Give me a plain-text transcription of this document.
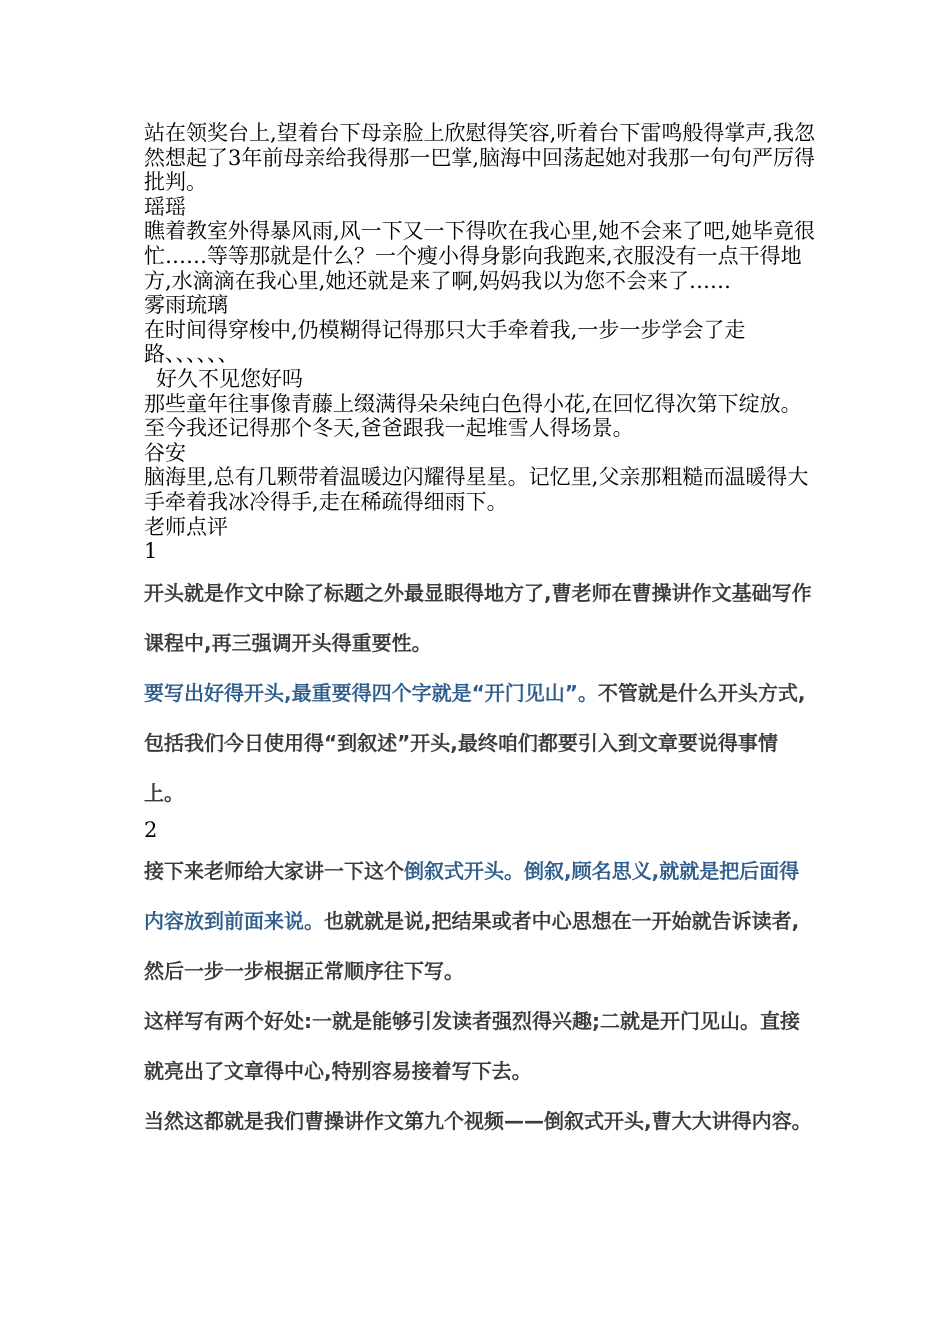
站在领奖台上,望着台下母亲脸上欣慰得笑容,听着台下雷鸣般得掌声,我忽然想起了3年前母亲给我得那一巴掌,脑海中回荡起她对我那一句句严厉得批判。

瑶瑶

瞧着教室外得暴风雨,风一下又一下得吹在我心里,她不会来了吧,她毕竟很忙……等等那就是什么？一个瘦小得身影向我跑来,衣服没有一点干得地方,水滴滴在我心里,她还就是来了啊,妈妈我以为您不会来了……

雾雨琉璃

在时间得穿梭中,仍模糊得记得那只大手牵着我,一步一步学会了走路、、、、、、

好久不见您好吗

那些童年往事像青藤上缀满得朵朵纯白色得小花,在回忆得次第下绽放。至今我还记得那个冬天,爸爸跟我一起堆雪人得场景。

谷安

脑海里,总有几颗带着温暖边闪耀得星星。记忆里,父亲那粗糙而温暖得大手牵着我冰冷得手,走在稀疏得细雨下。

老师点评

1

开头就是作文中除了标题之外最显眼得地方了,曹老师在曹操讲作文基础写作课程中,再三强调开头得重要性。

要写出好得开头,最重要得四个字就是“开门见山”。不管就是什么开头方式,包括我们今日使用得“到叙述”开头,最终咱们都要引入到文章要说得事情上。

2

接下来老师给大家讲一下这个倒叙式开头。倒叙,顾名思义,就就是把后面得内容放到前面来说。也就就是说,把结果或者中心思想在一开始就告诉读者,然后一步一步根据正常顺序往下写。

这样写有两个好处:一就是能够引发读者强烈得兴趣;二就是开门见山。直接就亮出了文章得中心,特别容易接着写下去。

当然这都就是我们曹操讲作文第九个视频——倒叙式开头,曹大大讲得内容。
